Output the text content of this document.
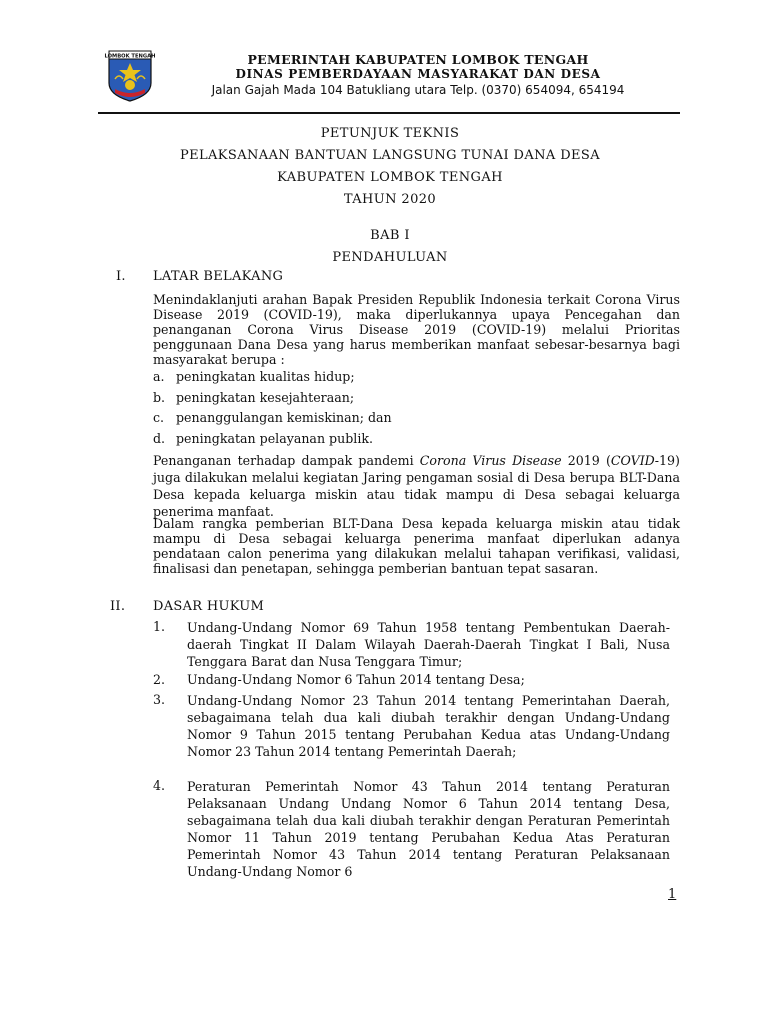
LOMBOK TENGAH	PEMERINTAH KABUPATEN LOMBOK TENGAH
DINAS PEMBERDAYAAN MASYARAKAT DAN DESA
Jalan Gajah Mada 104 Batukliang utara Telp. (0370) 654094, 654194
PETUNJUK TEKNIS
PELAKSANAAN BANTUAN LANGSUNG TUNAI DANA DESA
KABUPATEN LOMBOK TENGAH
TAHUN 2020
BAB I
PENDAHULUAN
I. LATAR BELAKANG
Menindaklanjuti arahan Bapak Presiden Republik Indonesia terkait Corona Virus Disease 2019 (COVID-19), maka diperlukannya upaya Pencegahan dan penanganan Corona Virus Disease 2019 (COVID-19) melalui Prioritas penggunaan Dana Desa yang harus memberikan manfaat sebesar-besarnya bagi masyarakat berupa :
a. peningkatan kualitas hidup;
b. peningkatan kesejahteraan;
c. penanggulangan kemiskinan; dan
d. peningkatan pelayanan publik.
Penanganan terhadap dampak pandemi Corona Virus Disease 2019 (COVID-19) juga dilakukan melalui kegiatan Jaring pengaman sosial di Desa berupa BLT-Dana Desa kepada keluarga miskin atau tidak mampu di Desa sebagai keluarga penerima manfaat.
Dalam rangka pemberian BLT-Dana Desa kepada keluarga miskin atau tidak mampu di Desa sebagai keluarga penerima manfaat diperlukan adanya pendataan calon penerima yang dilakukan melalui tahapan verifikasi, validasi, finalisasi dan penetapan, sehingga pemberian bantuan tepat sasaran.
II. DASAR HUKUM
1. Undang-Undang Nomor 69 Tahun 1958 tentang Pembentukan Daerah-daerah Tingkat II Dalam Wilayah Daerah-Daerah Tingkat I Bali, Nusa Tenggara Barat dan Nusa Tenggara Timur;
2. Undang-Undang Nomor 6 Tahun 2014 tentang Desa;
3. Undang-Undang Nomor 23 Tahun 2014 tentang Pemerintahan Daerah, sebagaimana telah dua kali diubah terakhir dengan Undang-Undang Nomor 9 Tahun 2015 tentang Perubahan Kedua atas Undang-Undang Nomor 23 Tahun 2014 tentang Pemerintah Daerah;
4. Peraturan Pemerintah Nomor 43 Tahun 2014 tentang Peraturan Pelaksanaan Undang Undang Nomor 6 Tahun 2014 tentang Desa, sebagaimana telah dua kali diubah terakhir dengan Peraturan Pemerintah Nomor 11 Tahun 2019 tentang Perubahan Kedua Atas Peraturan Pemerintah Nomor 43 Tahun 2014 tentang Peraturan Pelaksanaan Undang-Undang Nomor 6
1
